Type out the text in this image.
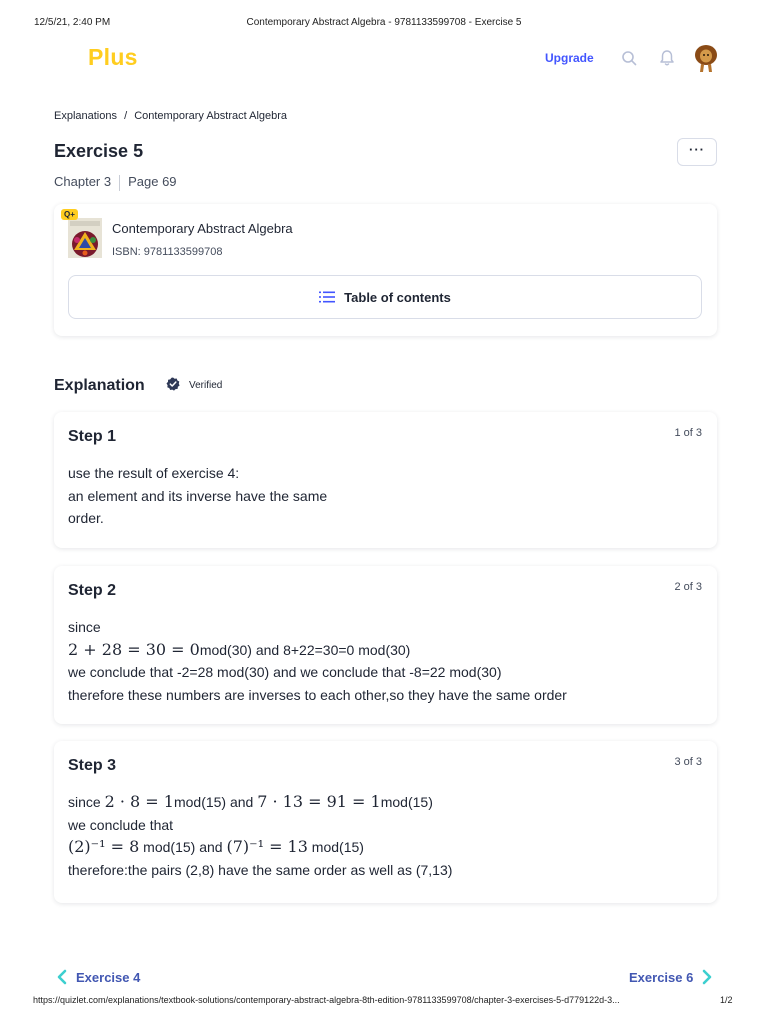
12/5/21, 2:40 PM	Contemporary Abstract Algebra - 9781133599708 - Exercise 5
Plus	Upgrade
Explanations / Contemporary Abstract Algebra
Exercise 5	···
Chapter 3 Page 69
Q+
Contemporary Abstract Algebra
ISBN: 9781133599708
Table of contents
Explanation	Verified
Step 1	1 of 3
use the result of exercise 4:
an element and its inverse have the same
order.
Step 2	2 of 3
since
2 + 28 = 30 = 0mod(30) and 8+22=30=0 mod(30)
we conclude that -2=28 mod(30) and we conclude that -8=22 mod(30)
therefore these numbers are inverses to each other,so they have the same order
Step 3	3 of 3
since 2 · 8 = 1mod(15) and 7 · 13 = 91 = 1mod(15)
we conclude that
(2)⁻¹ = 8 mod(15) and (7)⁻¹ = 13 mod(15)
therefore:the pairs (2,8) have the same order as well as (7,13)
Exercise 4	Exercise 6
https://quizlet.com/explanations/textbook-solutions/contemporary-abstract-algebra-8th-edition-9781133599708/chapter-3-exercises-5-d779122d-3...	1/2
